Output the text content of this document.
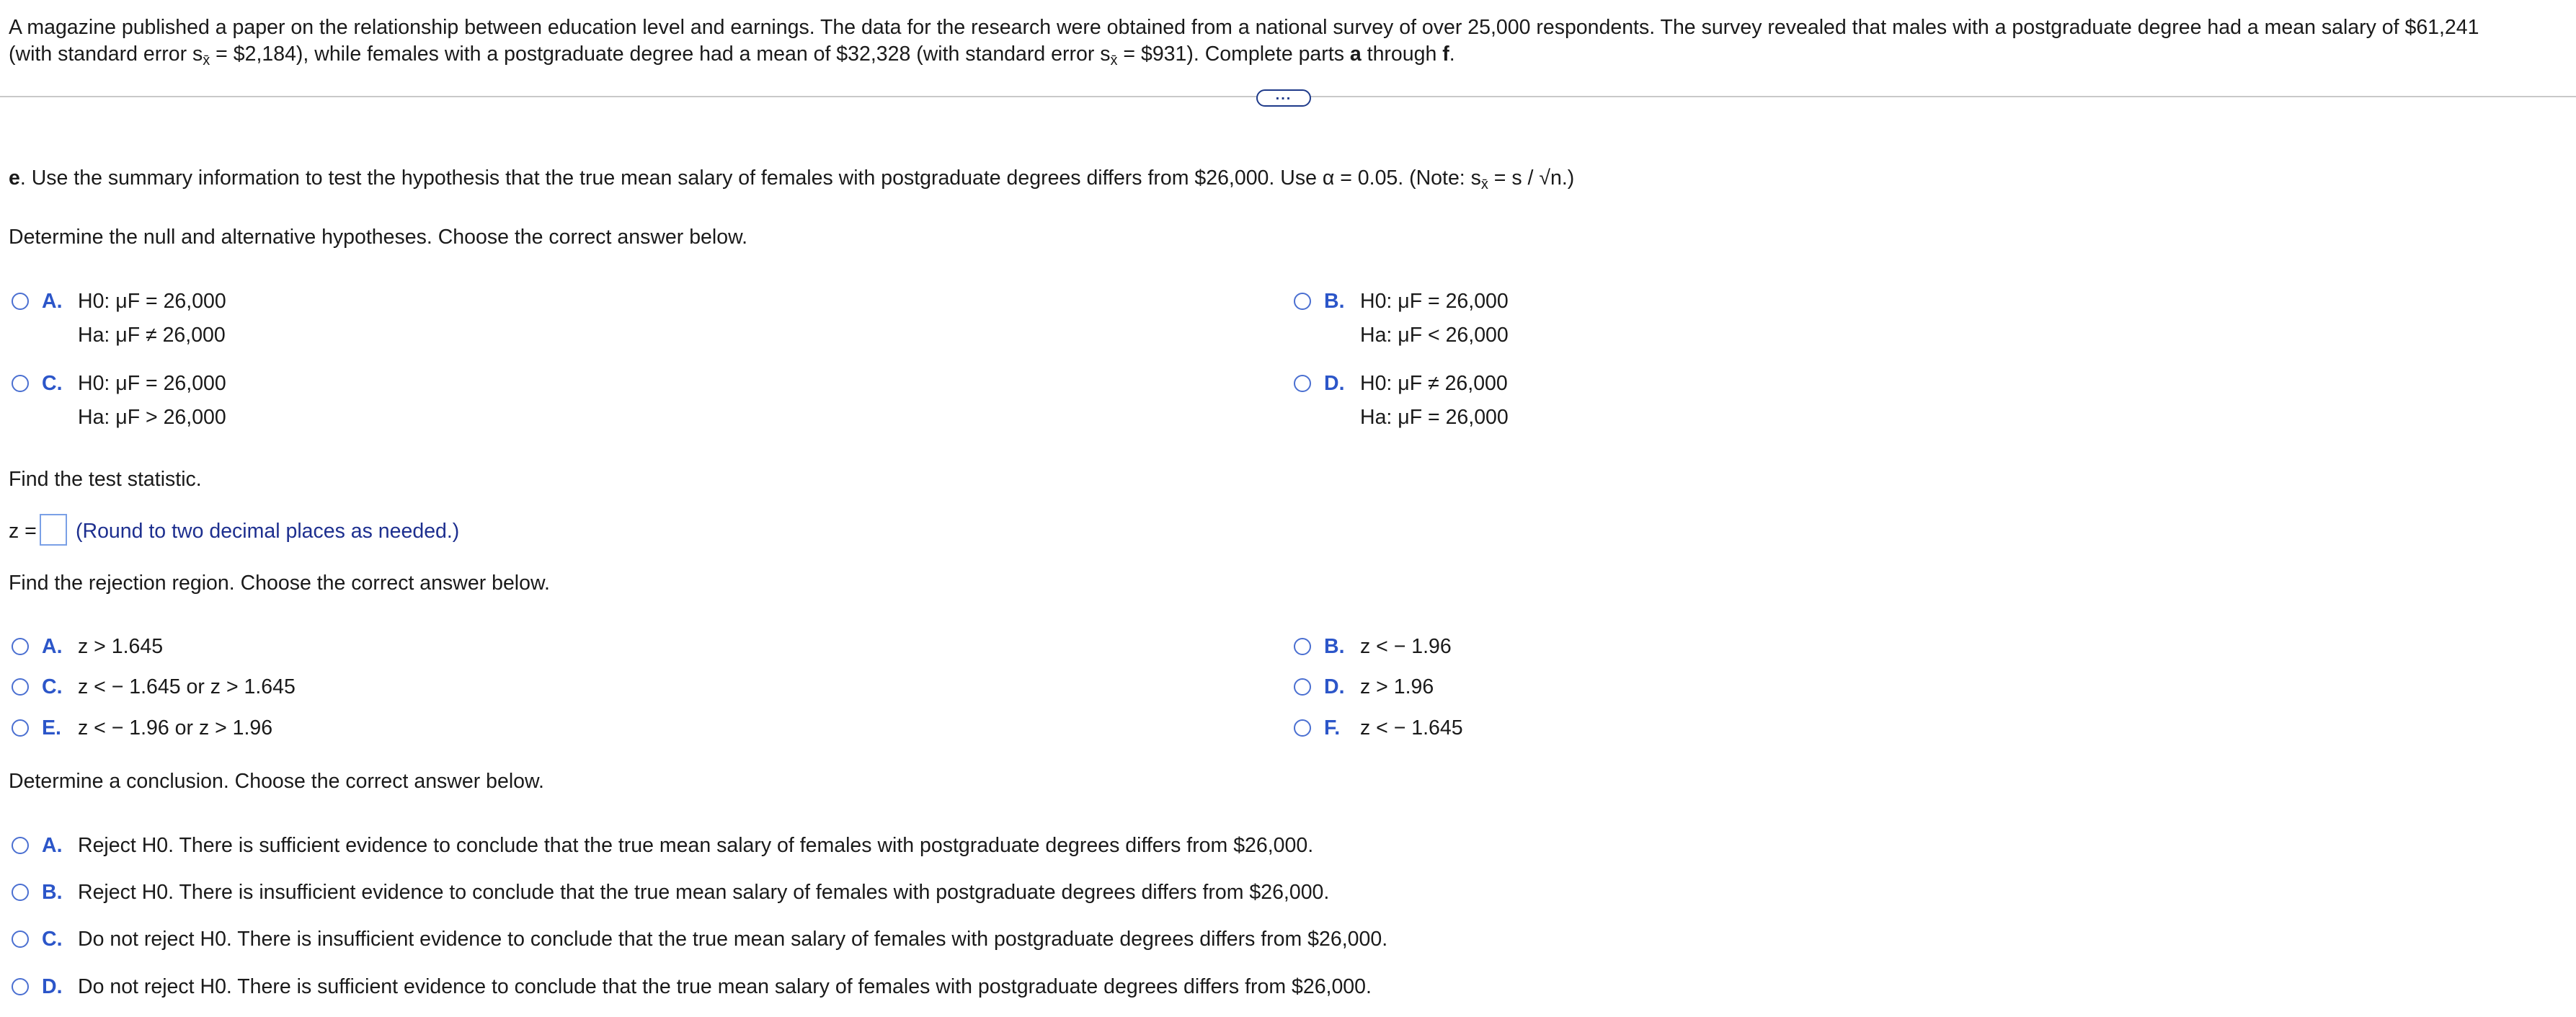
A magazine published a paper on the relationship between education level and earnings. The data for the research were obtained from a national survey of over 25,000 respondents. The survey revealed that males with a postgraduate degree had a mean salary of $61,241
(with standard error $s_{x̄}$ = $2,184), while females with a postgraduate degree had a mean of $32,328 (with standard error $s_{x̄}$ = $931). Complete parts a through f.
...
e. Use the summary information to test the hypothesis that the true mean salary of females with postgraduate degrees differs from $26,000. Use α = 0.05. (Note: $s_{x̄} = s / √n$.)
Determine the null and alternative hypotheses. Choose the correct answer below.
A. H0: μF = 26,000
Ha: μF ≠ 26,000
B. H0: μF = 26,000
Ha: μF < 26,000
C. H0: μF = 26,000
Ha: μF > 26,000
D. H0: μF ≠ 26,000
Ha: μF = 26,000
Find the test statistic.
z = (Round to two decimal places as needed.)
Find the rejection region. Choose the correct answer below.
A. z > 1.645	B. z < − 1.96
C. z < − 1.645 or z > 1.645	D. z > 1.96
E. z < − 1.96 or z > 1.96	F. z < − 1.645
Determine a conclusion. Choose the correct answer below.
A. Reject H0. There is sufficient evidence to conclude that the true mean salary of females with postgraduate degrees differs from $26,000.
B. Reject H0. There is insufficient evidence to conclude that the true mean salary of females with postgraduate degrees differs from $26,000.
C. Do not reject H0. There is insufficient evidence to conclude that the true mean salary of females with postgraduate degrees differs from $26,000.
D. Do not reject H0. There is sufficient evidence to conclude that the true mean salary of females with postgraduate degrees differs from $26,000.
